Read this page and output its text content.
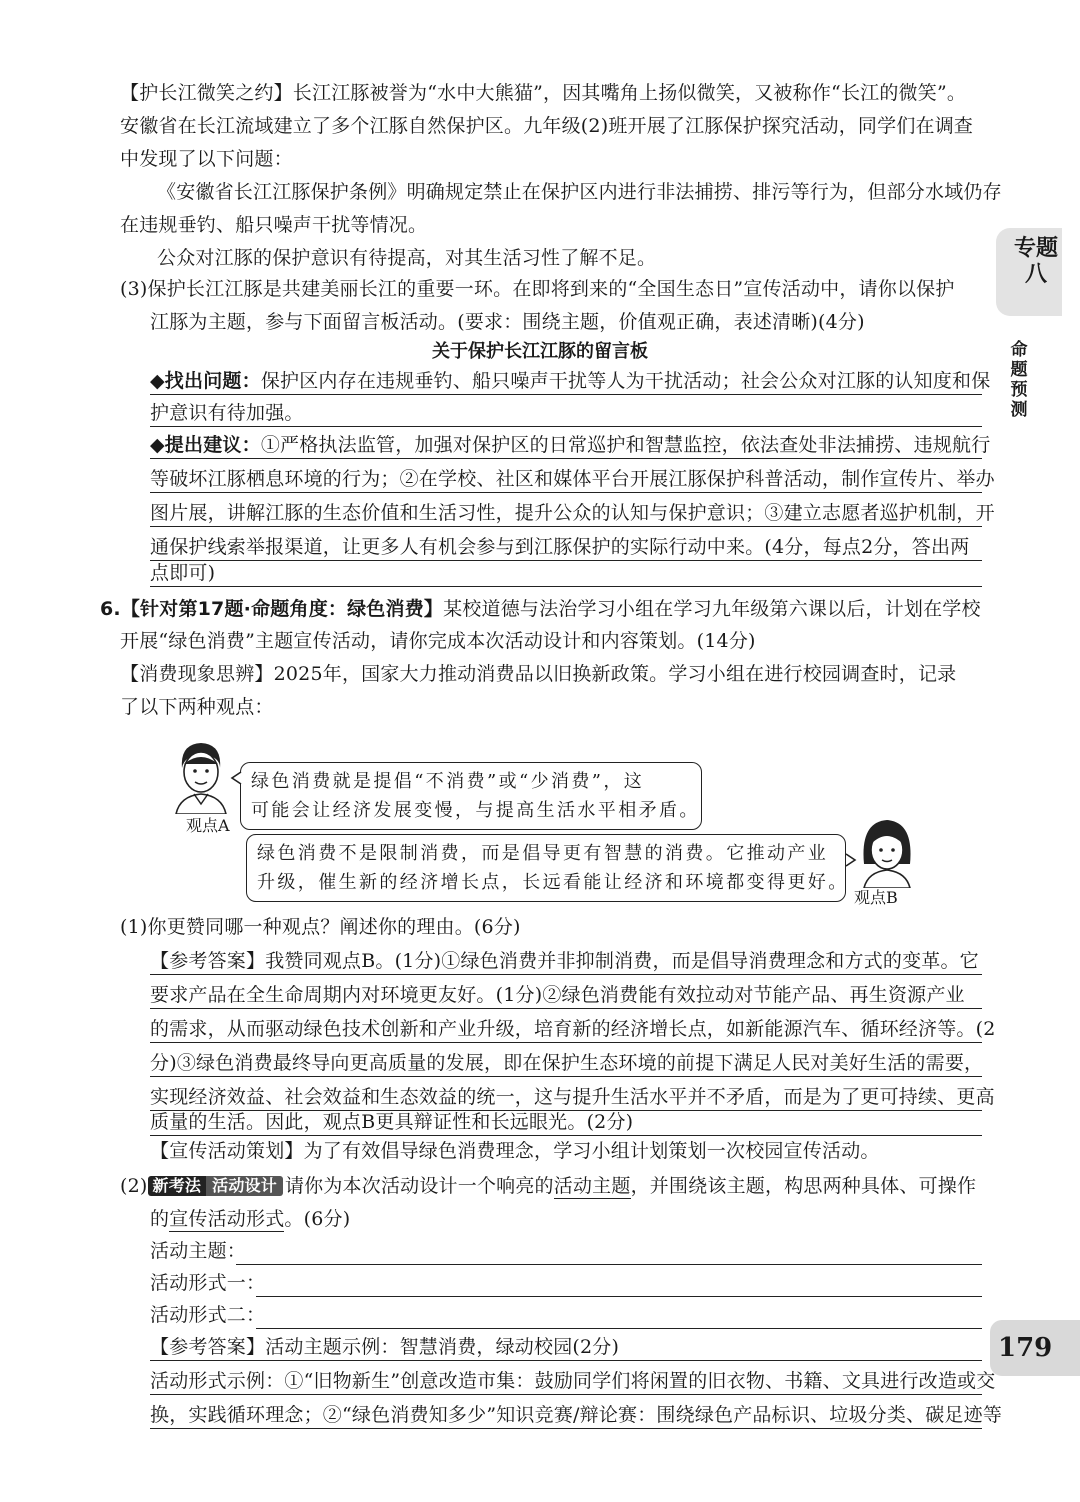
专题八
命题预测
179
【护长江微笑之约】长江江豚被誉为“水中大熊猫”，因其嘴角上扬似微笑，又被称作“长江的微笑”。
安徽省在长江流域建立了多个江豚自然保护区。九年级(2)班开展了江豚保护探究活动，同学们在调查
中发现了以下问题：
《安徽省长江江豚保护条例》明确规定禁止在保护区内进行非法捕捞、排污等行为，但部分水域仍存
在违规垂钓、船只噪声干扰等情况。
公众对江豚的保护意识有待提高，对其生活习性了解不足。
(3)保护长江江豚是共建美丽长江的重要一环。在即将到来的“全国生态日”宣传活动中，请你以保护
江豚为主题，参与下面留言板活动。(要求：围绕主题，价值观正确，表述清晰)(4分)
关于保护长江江豚的留言板
◆找出问题：保护区内存在违规垂钓、船只噪声干扰等人为干扰活动；社会公众对江豚的认知度和保
护意识有待加强。
◆提出建议：①严格执法监管，加强对保护区的日常巡护和智慧监控，依法查处非法捕捞、违规航行
等破坏江豚栖息环境的行为；②在学校、社区和媒体平台开展江豚保护科普活动，制作宣传片、举办
图片展，讲解江豚的生态价值和生活习性，提升公众的认知与保护意识；③建立志愿者巡护机制，开
通保护线索举报渠道，让更多人有机会参与到江豚保护的实际行动中来。(4分，每点2分，答出两
点即可)
6.【针对第17题·命题角度：绿色消费】某校道德与法治学习小组在学习九年级第六课以后，计划在学校
开展“绿色消费”主题宣传活动，请你完成本次活动设计和内容策划。(14分)
【消费现象思辨】2025年，国家大力推动消费品以旧换新政策。学习小组在进行校园调查时，记录
了以下两种观点：
观点A
绿色消费就是提倡“不消费”或“少消费”，这
可能会让经济发展变慢，与提高生活水平相矛盾。
绿色消费不是限制消费，而是倡导更有智慧的消费。它推动产业
升级，催生新的经济增长点，长远看能让经济和环境都变得更好。
观点B
(1)你更赞同哪一种观点？阐述你的理由。(6分)
【参考答案】我赞同观点B。(1分)①绿色消费并非抑制消费，而是倡导消费理念和方式的变革。它
要求产品在全生命周期内对环境更友好。(1分)②绿色消费能有效拉动对节能产品、再生资源产业
的需求，从而驱动绿色技术创新和产业升级，培育新的经济增长点，如新能源汽车、循环经济等。(2
分)③绿色消费最终导向更高质量的发展，即在保护生态环境的前提下满足人民对美好生活的需要，
实现经济效益、社会效益和生态效益的统一，这与提升生活水平并不矛盾，而是为了更可持续、更高
质量的生活。因此，观点B更具辩证性和长远眼光。(2分)
【宣传活动策划】为了有效倡导绿色消费理念，学习小组计划策划一次校园宣传活动。
(2) 新考法 活动设计 请你为本次活动设计一个响亮的活动主题，并围绕该主题，构思两种具体、可操作
的宣传活动形式。(6分)
活动主题：
活动形式一：
活动形式二：
【参考答案】活动主题示例：智慧消费，绿动校园(2分)
活动形式示例：①“旧物新生”创意改造市集：鼓励同学们将闲置的旧衣物、书籍、文具进行改造或交
换，实践循环理念；②“绿色消费知多少”知识竞赛/辩论赛：围绕绿色产品标识、垃圾分类、碳足迹等
